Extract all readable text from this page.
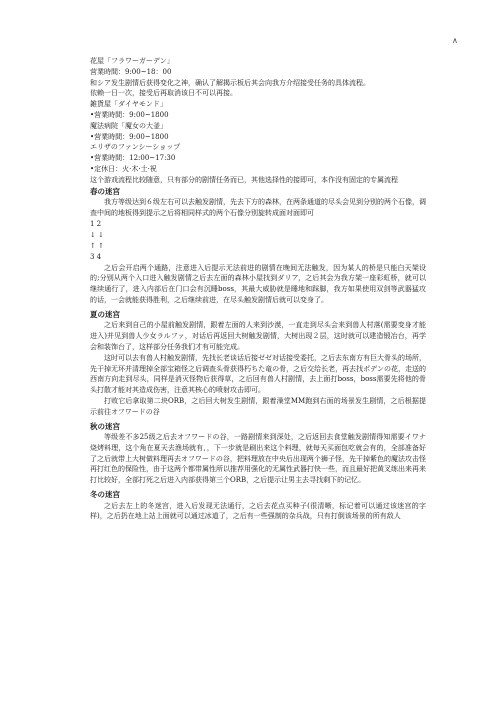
∧
花屋「フラワーガーデン」
营業時間：9:00~18：00
和シア发生剧情后获得变化之神，确认了解揭示板后其会向我方介绍接受任务的具体流程。
依赖一日一次，接受后再取消该日不可以再接。
雑貨屋「ダイヤモンド」
•营業時間：9:00~1800
魔法病院「魔女の大釜」
•营業時間：9:00~1800
エリザのファンシーショップ
•营業時間：12:00~17:30
•定休日：火·木·土·祝
这个游戏流程比较随意，只有部分的剧情任务而已，其他选择性的接即可，本作没有固定的专属流程
春の迷宫
我方等级达到６级左右可以去触发剧情，先去下方的森林，在两条通道的尽头会见到分别的两个石像，调查中间的地板得到提示之后将相同样式的两个石像分别旋转成面对面即可
1 2
↓ ↓
↑ ↑
3 4
之后会开启两个通路，注意进入后提示无法前进的剧情在晚间无法触发，因为某人的桥是只能白天架设的;分别从两个入口进入触发剧情之后去左面的森林小屋找到ダリア，之后其会为我方架一座彩虹桥，就可以继续通行了，进入内部后在门口会有沉睡boss，其最大威胁就是睡地和踩脚，我方如果使用双剑等武器猛攻的话，一会就能获得胜利，之后继续前进，在尽头触发剧情后就可以变身了。
夏の迷宫
之后来到自己的小屋前触发剧情，跟着左面的人来到沙漠，一直走到尽头会来到兽人村落(需要变身才能进入)并见到兽人少女ラルファ，对话后再返回大树触发剧情，大树出现２层，这时就可以建造锻冶台，再学会和装饰台了，这样部分任务我们才有可能完成。
这时可以去有兽人村触发剧情，先找长老谈话后接ゼゼ对话接受委托，之后去东南方有巨大骨头的场所，先干掉无环并清理掉全部宝箱怪之后调查头骨获得朽ちた竜の骨，之后交给长老，再去找ポデンの花，走送的西南方向走到尽头，同样是消灭怪物后获得草，之后回有兽人村剧情，去上面打boss，boss需要先将他的骨头打散才能对其造成伤害，注意其核心的喷射攻击即可。
打败它后拿取第二块ORB，之后回大树发生剧情，跟着澡堂MM跑到右面的场景发生剧情，之后根据提示前往オフワードの谷
秋の迷宫
等级差不多25级之后去オフワードの谷，一路剧情来到深处，之后返回去食堂触发剧情得知需要イワナ烧烤料理，这个角在夏天去渔场就有，，下一步就是刷出来这个料理，就每天买面包吃就会有的，全部准备好了之后就带上大树做料理再去オフワードの谷，把料理放在中央后出现两个狮子怪，先干掉紫色的魔法攻击怪再打红色的保险性，由于这两个都带属性所以推荐用强化的无属性武器打快一些，而且最好把黄叉练出来再来打比较好，全部打死之后进入内部获得第三个ORB，之后提示让男主去寻找剩下的记忆。
冬の迷宫
之后去左上的冬迷宫，进入后发现无法通行，之后去花点买种子(很清晰，标记着可以通过该迷宫的字样)，之后扔在地上站上面就可以通过冰道了，之后有一些强制的杂兵战，只有打倒该场景的所有敌人
